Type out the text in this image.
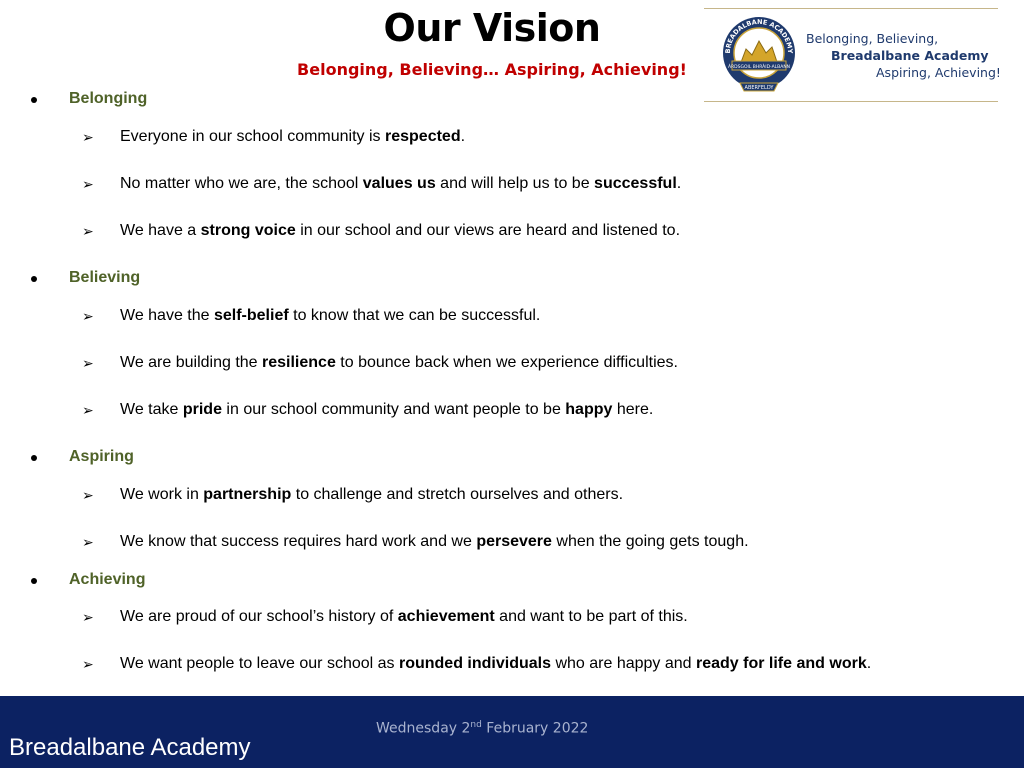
Our Vision
Belonging, Believing… Aspiring, Achieving!	ÀRDSGOIL BHRÀID-ALBANN
ABERFELDY
BREADALBANE ACADEMY
Belonging, Believing,
Breadalbane Academy
Aspiring, Achieving!
Belonging
➢ Everyone in our school community is respected.
➢ No matter who we are, the school values us and will help us to be successful.
➢ We have a strong voice in our school and our views are heard and listened to.
Believing
➢ We have the self-belief to know that we can be successful.
➢ We are building the resilience to bounce back when we experience difficulties.
➢ We take pride in our school community and want people to be happy here.
Aspiring
➢ We work in partnership to challenge and stretch ourselves and others.
➢ We know that success requires hard work and we persevere when the going gets tough.
Achieving
➢ We are proud of our school’s history of achievement and want to be part of this.
➢ We want people to leave our school as rounded individuals who are happy and ready for life and work.
Wednesday 2nd February 2022
Breadalbane Academy
